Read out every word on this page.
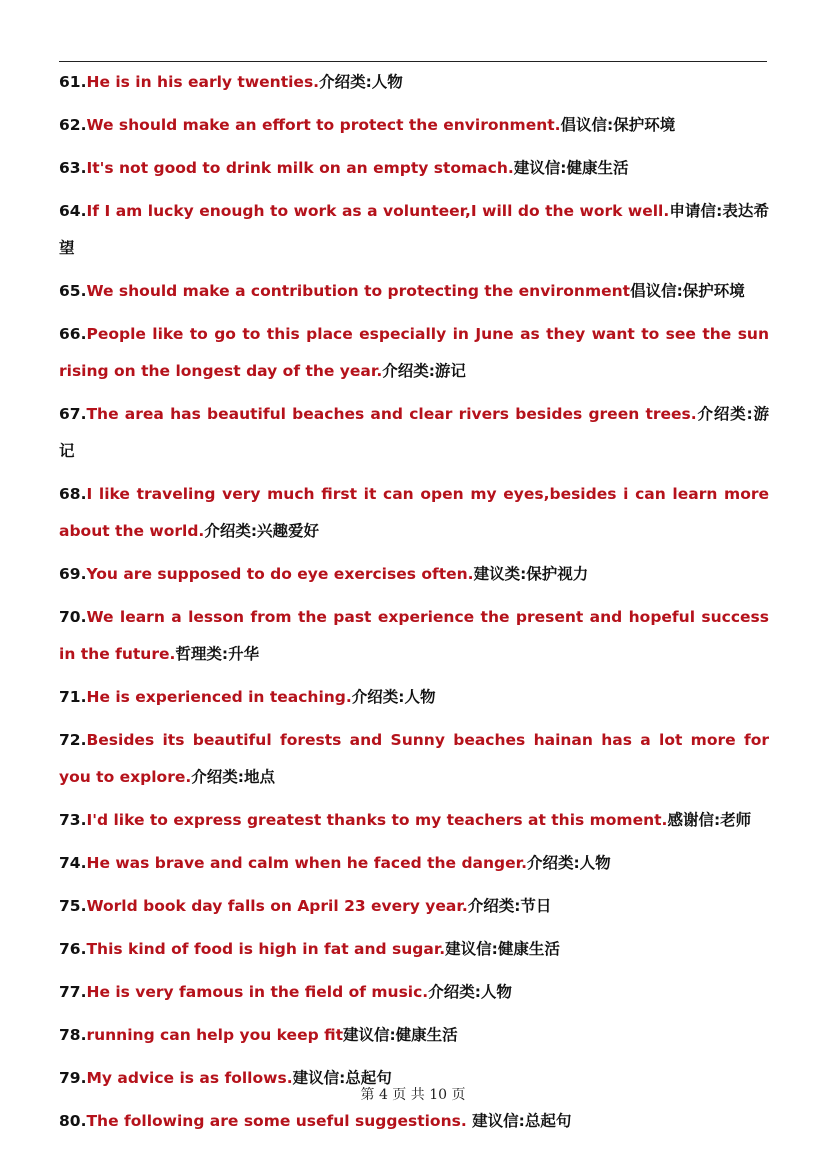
61.He is in his early twenties.介绍类:人物
62.We should make an effort to protect the environment.倡议信:保护环境
63.It's not good to drink milk on an empty stomach.建议信:健康生活
64.If I am lucky enough to work as a volunteer,I will do the work well.申请信:表达希望
65.We should make a contribution to protecting the environment倡议信:保护环境
66.People like to go to this place especially in June as they want to see the sun rising on the longest day of the year.介绍类:游记
67.The area has beautiful beaches and clear rivers besides green trees.介绍类:游记
68.I like traveling very much first it can open my eyes,besides i can learn more about the world.介绍类:兴趣爱好
69.You are supposed to do eye exercises often.建议类:保护视力
70.We learn a lesson from the past experience the present and hopeful success in the future.哲理类:升华
71.He is experienced in teaching.介绍类:人物
72.Besides its beautiful forests and Sunny beaches hainan has a lot more for you to explore.介绍类:地点
73.I'd like to express greatest thanks to my teachers at this moment.感谢信:老师
74.He was brave and calm when he faced the danger.介绍类:人物
75.World book day falls on April 23 every year.介绍类:节日
76.This kind of food is high in fat and sugar.建议信:健康生活
77.He is very famous in the field of music.介绍类:人物
78.running can help you keep fit建议信:健康生活
79.My advice is as follows.建议信:总起句
80.The following are some useful suggestions. 建议信:总起句
第 4 页 共 10 页
